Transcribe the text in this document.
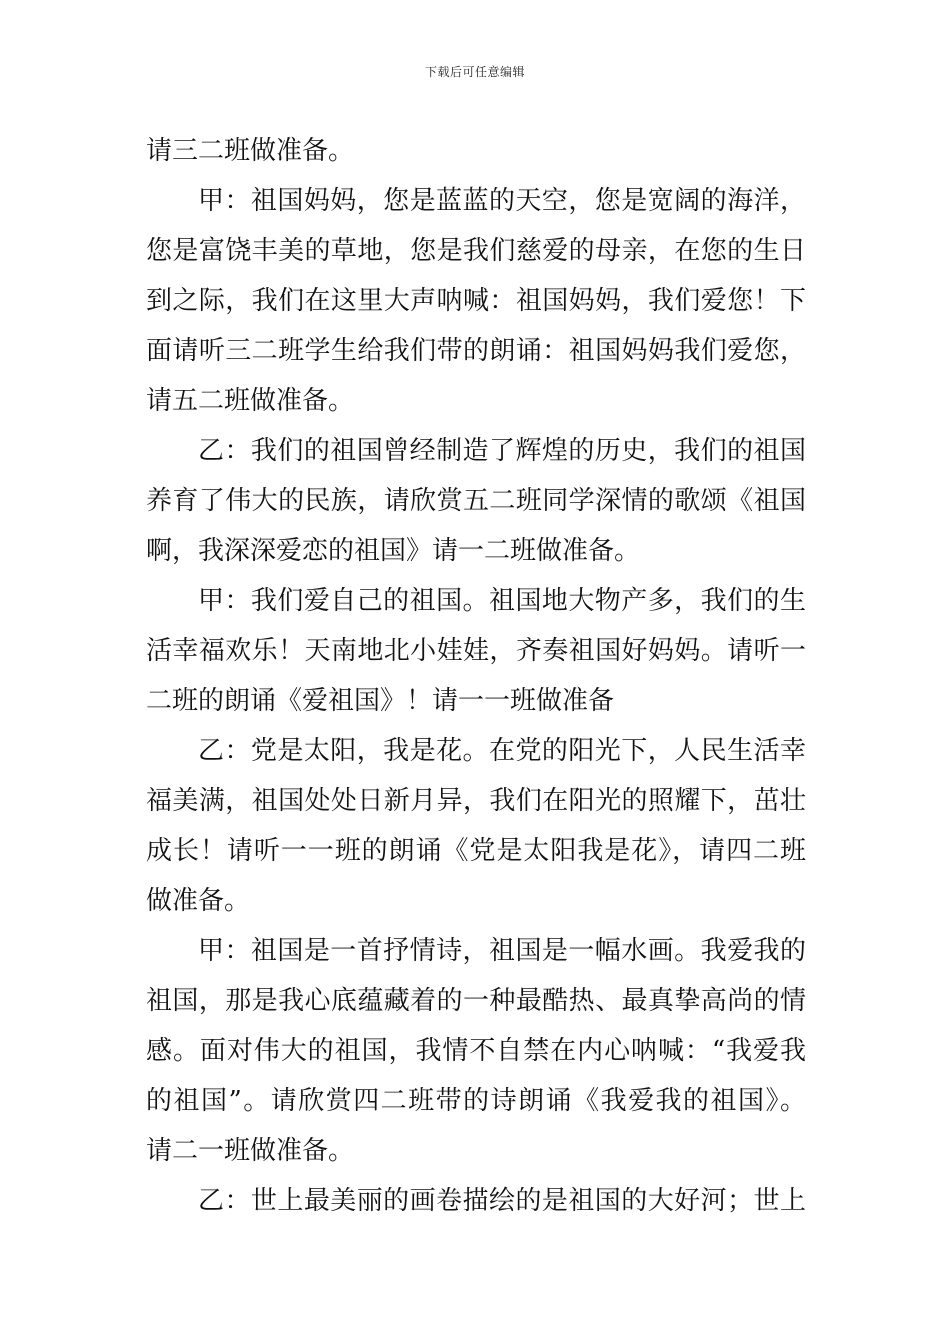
下载后可任意编辑
请三二班做准备。
甲：祖国妈妈，您是蓝蓝的天空，您是宽阔的海洋，
您是富饶丰美的草地，您是我们慈爱的母亲，在您的生日
到之际，我们在这里大声呐喊：祖国妈妈，我们爱您！下
面请听三二班学生给我们带的朗诵：祖国妈妈我们爱您，
请五二班做准备。
乙：我们的祖国曾经制造了辉煌的历史，我们的祖国
养育了伟大的民族，请欣赏五二班同学深情的歌颂《祖国
啊，我深深爱恋的祖国》请一二班做准备。
甲：我们爱自己的祖国。祖国地大物产多，我们的生
活幸福欢乐！天南地北小娃娃，齐奏祖国好妈妈。请听一
二班的朗诵《爱祖国》！请一一班做准备
乙：党是太阳，我是花。在党的阳光下，人民生活幸
福美满，祖国处处日新月异，我们在阳光的照耀下，茁壮
成长！请听一一班的朗诵《党是太阳我是花》，请四二班
做准备。
甲：祖国是一首抒情诗，祖国是一幅水画。我爱我的
祖国，那是我心底蕴藏着的一种最酷热、最真挚高尚的情
感。面对伟大的祖国，我情不自禁在内心呐喊：“我爱我
的祖国”。请欣赏四二班带的诗朗诵《我爱我的祖国》。
请二一班做准备。
乙：世上最美丽的画卷描绘的是祖国的大好河；世上
